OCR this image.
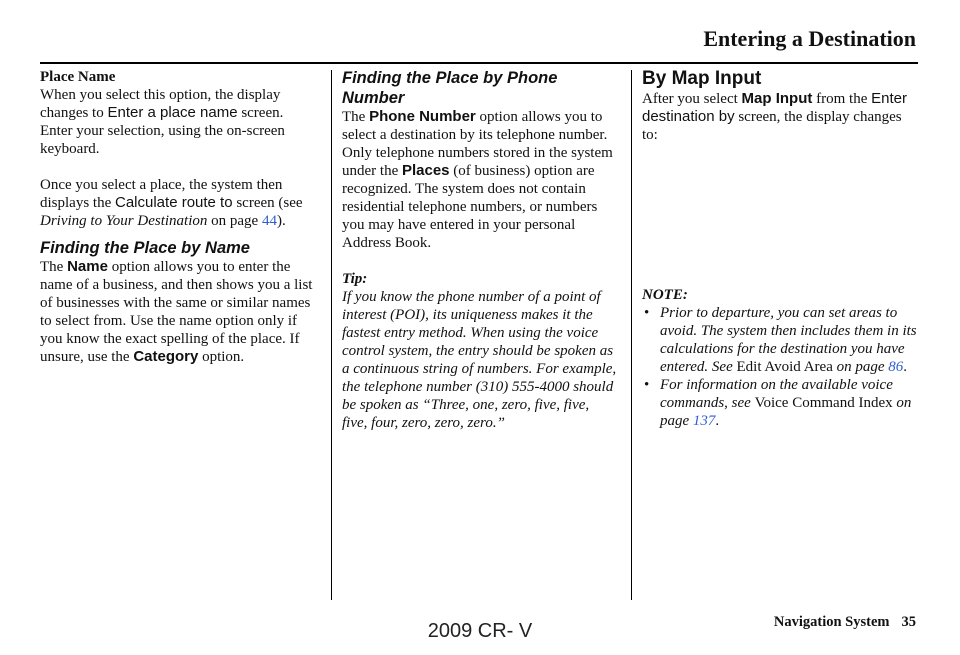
Entering a Destination

Place Name

When you select this option, the display changes to Enter a place name screen. Enter your selection, using the on-screen keyboard.

Once you select a place, the system then displays the Calculate route to screen (see Driving to Your Destination on page 44).

Finding the Place by Name

The Name option allows you to enter the name of a business, and then shows you a list of businesses with the same or similar names to select from. Use the name option only if you know the exact spelling of the place. If unsure, use the Category option.

Finding the Place by Phone Number

The Phone Number option allows you to select a destination by its telephone number. Only telephone numbers stored in the system under the Places (of business) option are recognized. The system does not contain residential telephone numbers, or numbers you may have entered in your personal Address Book.

Tip:

If you know the phone number of a point of interest (POI), its uniqueness makes it the fastest entry method. When using the voice control system, the entry should be spoken as a continuous string of numbers. For example, the telephone number (310) 555-4000 should be spoken as “Three, one, zero, five, five, five, four, zero, zero, zero.”

By Map Input

After you select Map Input from the Enter destination by screen, the display changes to:

NOTE:

• Prior to departure, you can set areas to avoid. The system then includes them in its calculations for the destination you have entered. See Edit Avoid Area on page 86.
• For information on the available voice commands, see Voice Command Index on page 137.
Navigation System 35
2009 CR- V
